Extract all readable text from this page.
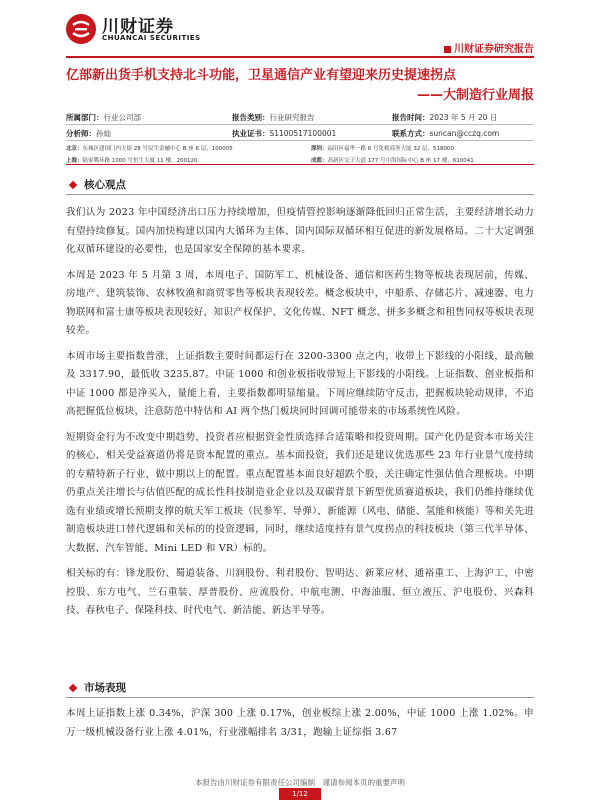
川财证券
CHUANCAI SECURITIES
川财证券研究报告
亿部新出货手机支持北斗功能，卫星通信产业有望迎来历史提速拐点
——大制造行业周报
所属部门：行业公司部	报告类别：行业研究报告	报告时间：2023 年 5 月 20 日
分析师：孙灿	执业证书：S1100517100001	联系方式：suncan@cczq.com
北京：东城区建国门内大街 28 号民生金融中心 B 座 6 层，100005	深圳：福田区福华一路 6 号免税商务大厦 32 层，518000
上海：陆家嘴环路 1000 号恒生大厦 11 楼，200120	成都：高新区交子大道 177 号中海国际中心 B 座 17 楼，610041
核心观点

我们认为 2023 年中国经济出口压力持续增加，但疫情管控影响逐渐降低回归正常生活，主要经济增长动力有望持续修复。国内加快构建以国内大循环为主体、国内国际双循环相互促进的新发展格局。二十大定调强化双循环建设的必要性，也是国家安全保障的基本要求。

本周是 2023 年 5 月第 3 周，本周电子、国防军工、机械设备、通信和医药生物等板块表现居前，传媒、房地产、建筑装饰、农林牧渔和商贸零售等板块表现较差。概念板块中，中船系、存储芯片、减速器、电力物联网和富士康等板块表现较好，知识产权保护、文化传媒、NFT 概念、拼多多概念和租售同权等板块表现较差。

本周市场主要指数普涨，上证指数主要时间都运行在 3200-3300 点之内，收带上下影线的小阳线，最高触及 3317.90，最低收 3235.87。中证 1000 和创业板指收带短上下影线的小阳线。上证指数、创业板指和中证 1000 都是净买入，量能上看，主要指数都明显缩量。下周应继续防守反击，把握板块轮动规律，不追高把握低位板块，注意防范中特估和 AI 两个热门板块同时回调可能带来的市场系统性风险。

短期资金行为不改变中期趋势，投资者应根据资金性质选择合适策略和投资周期。国产化仍是资本市场关注的核心，相关受益赛道仍将是资本配置的重点。基本面投资，我们还是建议优选那些 23 年行业景气度持续的专精特新子行业，做中期以上的配置。重点配置基本面良好超跌个股，关注确定性强估值合理板块。中期仍重点关注增长与估值匹配的成长性科技制造业企业以及双碳背景下新型优质赛道板块，我们仍维持继续优选有业绩或增长预期支撑的航天军工板块（民参军、导弹）、新能源（风电、储能、氢能和核能）等和关先进制造板块进口替代逻辑和关标的的投资逻辑，同时，继续适度持有景气度拐点的科技板块（第三代半导体、大数据、汽车智能、Mini LED 和 VR）标的。

相关标的有：锋龙股份、蜀道装备、川润股份、利君股份、智明达、新莱应材、通裕重工、上海沪工、中密控股、东方电气、兰石重装、厚普股份、应流股份、中航电测、中海油服、恒立液压、沪电股份、兴森科技、春秋电子、保隆科技、时代电气、新洁能、新达半导等。

市场表现

本周上证指数上涨 0.34%，沪深 300 上涨 0.17%，创业板综上涨 2.00%，中证 1000 上涨 1.02%。申万一级机械设备行业上涨 4.01%，行业涨幅排名 3/31，跑输上证综指 3.67

本报告由川财证券有限责任公司编制　谨请参阅本页的重要声明
1/12
